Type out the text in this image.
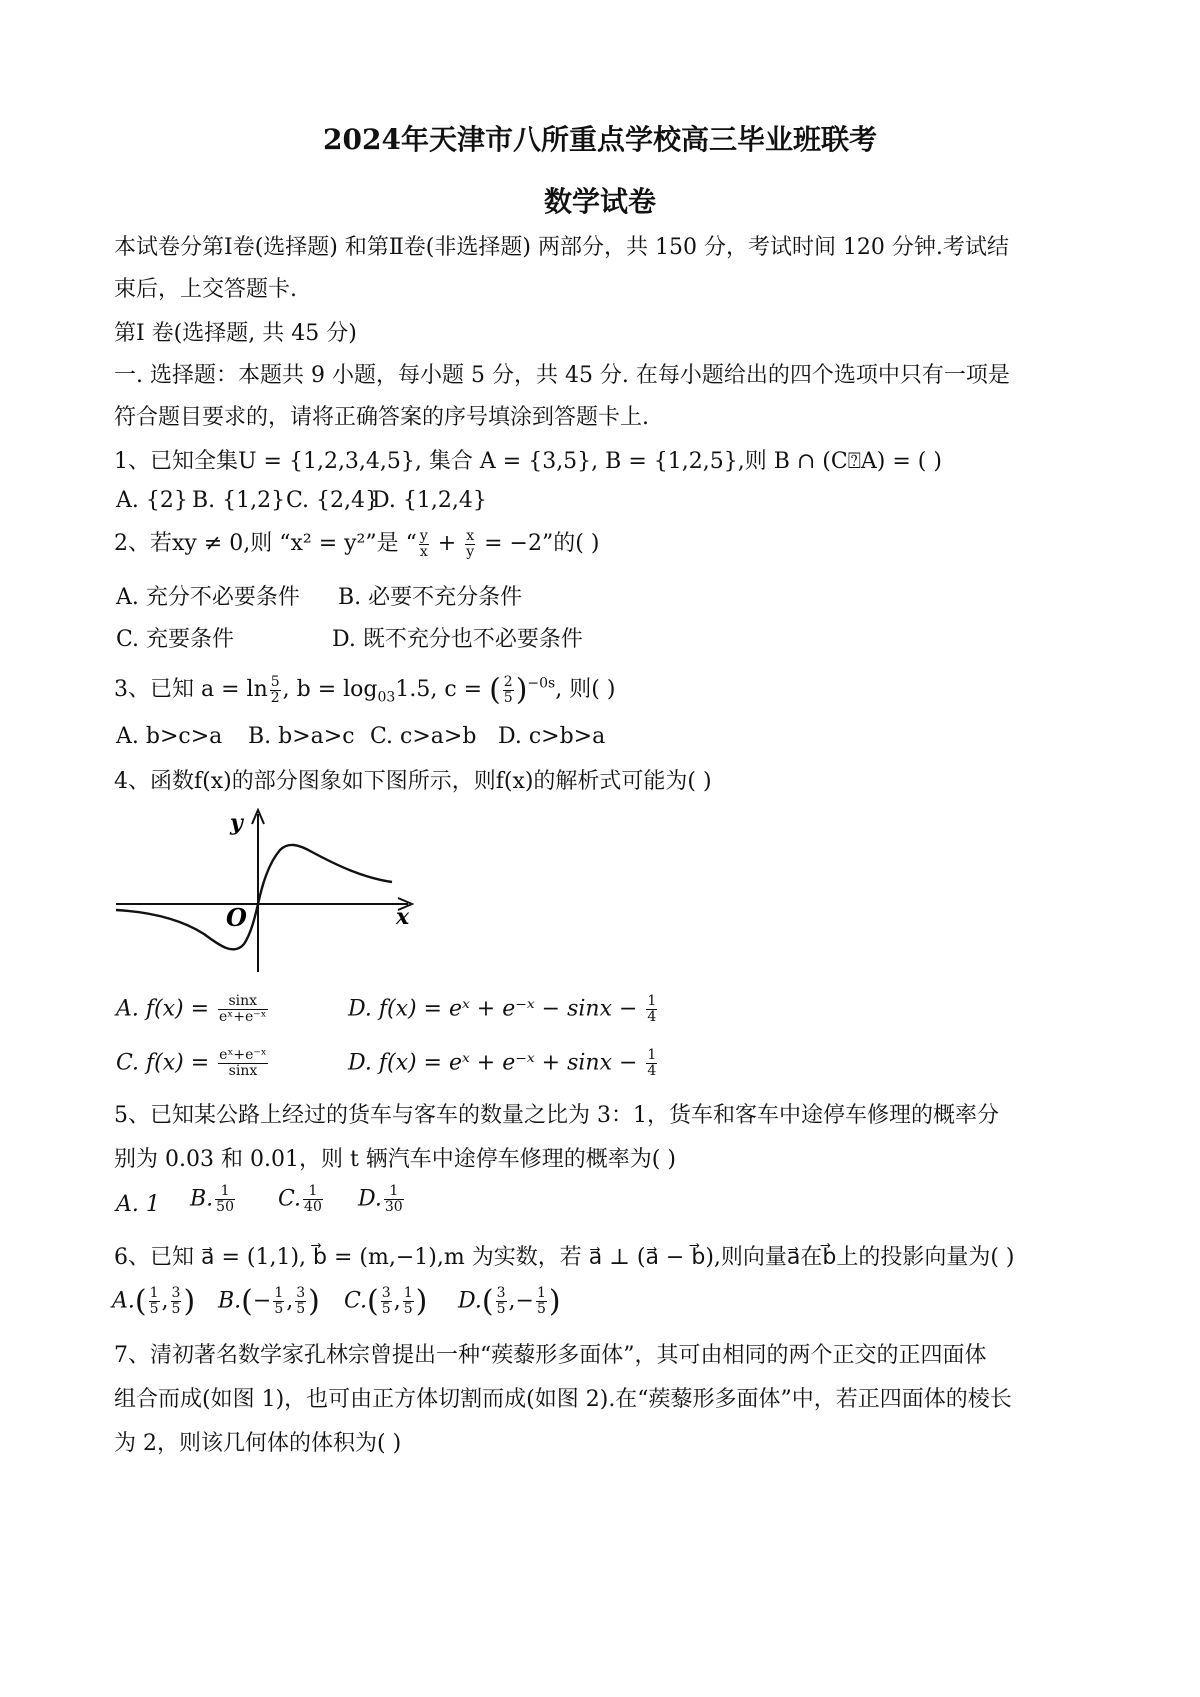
2024年天津市八所重点学校高三毕业班联考
数学试卷
本试卷分第Ⅰ卷(选择题) 和第Ⅱ卷(非选择题) 两部分，共 150 分，考试时间 120 分钟.考试结
束后，上交答题卡.
第Ⅰ 卷(选择题, 共 45 分)
一. 选择题：本题共 9 小题，每小题 5 分，共 45 分. 在每小题给出的四个选项中只有一项是
符合题目要求的，请将正确答案的序号填涂到答题卡上.
1、已知全集U = {1,2,3,4,5}, 集合 A = {3,5}, B = {1,2,5},则 B ∩ (C⍰A) = ( )
A. {2} B. {1,2} C. {2,4}
D. {1,2,4}
2、若xy ≠ 0,则 “x² = y²”是 “ $\frac{y}{x} + \frac{x}{y} = -2$”的( )
A. 充分不必要条件 B. 必要不充分条件
C. 充要条件	D. 既不充分也不必要条件
3、已知 $a = \ln \frac{5}{2}$ , $b = \log_{03}1.5$, c = ( $\frac{2}{5} )^{-0s}$, 则( )
A. b>c>a B. b>a>c C. c>a>b D. c>b>a
4、函数f(x)的部分图象如下图所示，则f(x)的解析式可能为( )
y
x
O
A. $f(x) = \frac{\sin x}{\text{eˣ+e⁻ˣ}}$	D. f(x) = eˣ + e⁻ˣ − $\sin x - \frac{1}{4}$
C. $f(x) = \frac{\text{eˣ+e⁻ˣ}}{\sin x}$	D. f(x) = eˣ + e⁻ˣ + $\sin x - \frac{1}{4}$
5、已知某公路上经过的货车与客车的数量之比为 3：1，货车和客车中途停车修理的概率分
别为 0.03 和 0.01，则 t 辆汽车中途停车修理的概率为( )
A. 1 B. $\frac{1}{50} C$. $\frac{1}{40} D$. $\frac{1}{30}$
6、已知 a⃗ = (1,1), b⃗ = (m,−1),m 为实数，若 a⃗ ⊥ (a⃗ − b⃗),则向量a⃗在b⃗上的投影向量为( )
$A.( \frac{1}{5}$ , $\frac{3}{5}$ ) $B.(- \frac{1}{5}$ , $\frac{3}{5}$ ) $C.( \frac{3}{5}$ , $\frac{1}{5}$ ) $D.( \frac{3}{5}$ ,− $\frac{1}{5}$ )
7、清初著名数学家孔林宗曾提出一种“蒺藜形多面体”，其可由相同的两个正交的正四面体
组合而成(如图 1)，也可由正方体切割而成(如图 2).在“蒺藜形多面体”中，若正四面体的棱长
为 2，则该几何体的体积为( )
